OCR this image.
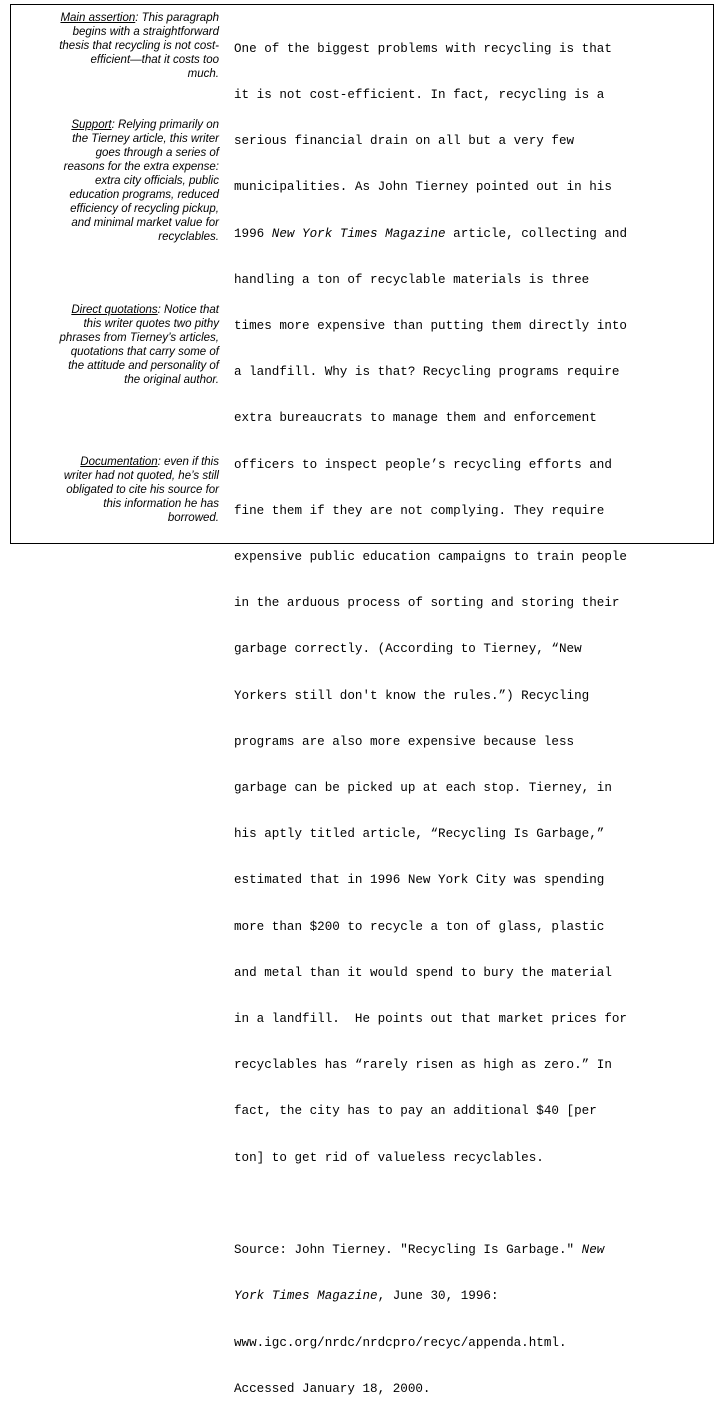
Main assertion: This paragraph
begins with a straightforward
thesis that recycling is not cost-
efficient—that it costs too
much.
Support: Relying primarily on
the Tierney article, this writer
goes through a series of
reasons for the extra expense:
extra city officials, public
education programs, reduced
efficiency of recycling pickup,
and minimal market value for
recyclables.
Direct quotations: Notice that
this writer quotes two pithy
phrases from Tierney’s articles,
quotations that carry some of
the attitude and personality of
the original author.
Documentation: even if this
writer had not quoted, he’s still
obligated to cite his source for
this information he has
borrowed.

One of the biggest problems with recycling is that

it is not cost-efficient. In fact, recycling is a

serious financial drain on all but a very few

municipalities. As John Tierney pointed out in his

1996 New York Times Magazine article, collecting and

handling a ton of recyclable materials is three

times more expensive than putting them directly into

a landfill. Why is that? Recycling programs require

extra bureaucrats to manage them and enforcement

officers to inspect people’s recycling efforts and

fine them if they are not complying. They require

expensive public education campaigns to train people

in the arduous process of sorting and storing their

garbage correctly. (According to Tierney, “New

Yorkers still don't know the rules.”) Recycling

programs are also more expensive because less

garbage can be picked up at each stop. Tierney, in

his aptly titled article, “Recycling Is Garbage,”

estimated that in 1996 New York City was spending

more than $200 to recycle a ton of glass, plastic

and metal than it would spend to bury the material

in a landfill.  He points out that market prices for

recyclables has “rarely risen as high as zero.” In

fact, the city has to pay an additional $40 [per

ton] to get rid of valueless recyclables.

Source: John Tierney. "Recycling Is Garbage." New

York Times Magazine, June 30, 1996:

www.igc.org/nrdc/nrdcpro/recyc/appenda.html.

Accessed January 18, 2000.
